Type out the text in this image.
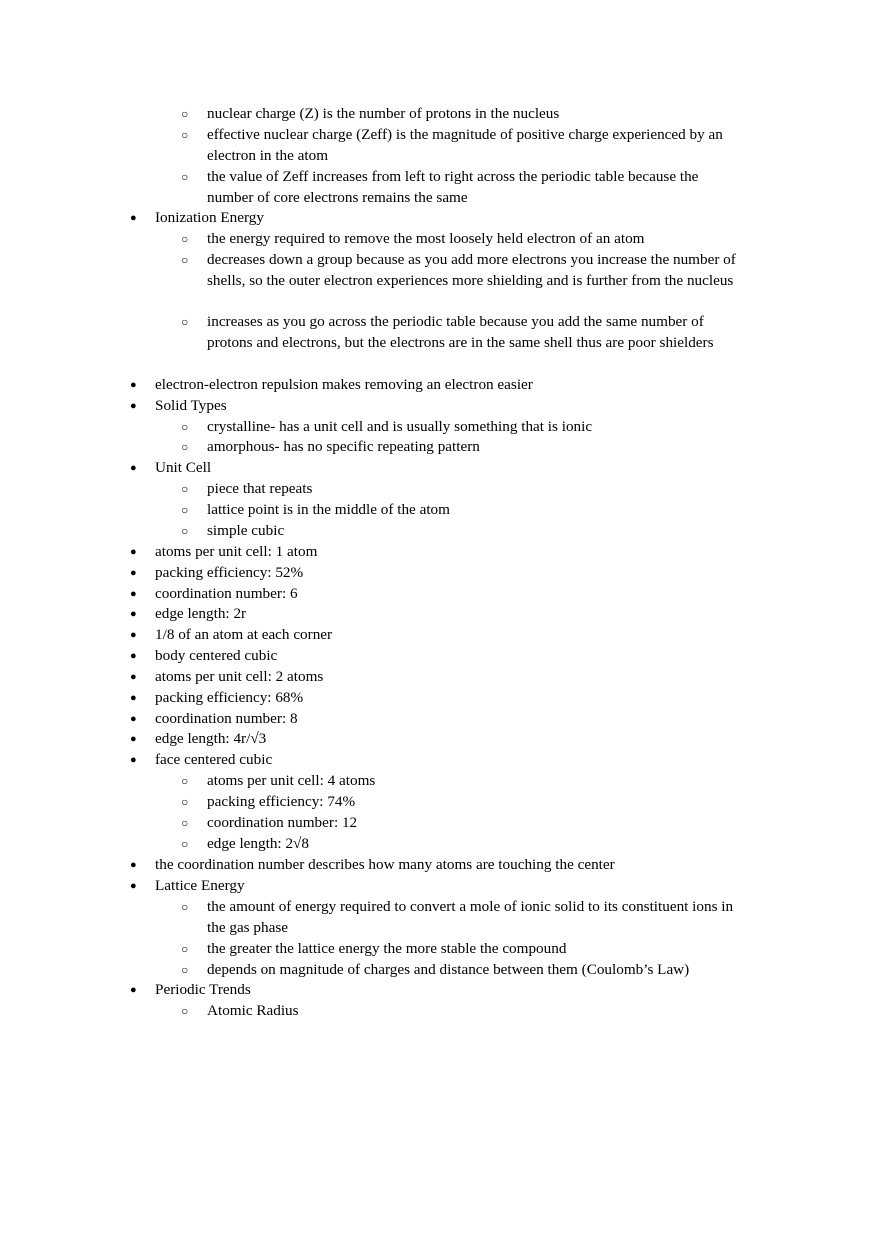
○ nuclear charge (Z) is the number of protons in the nucleus

○ effective nuclear charge (Zeff) is the magnitude of positive charge experienced by an electron in the atom

○ the value of Zeff increases from left to right across the periodic table because the number of core electrons remains the same

● Ionization Energy

○ the energy required to remove the most loosely held electron of an atom

○ decreases down a group because as you add more electrons you increase the number of shells, so the outer electron experiences more shielding and is further from the nucleus

○ increases as you go across the periodic table because you add the same number of protons and electrons, but the electrons are in the same shell thus are poor shielders

● electron-electron repulsion makes removing an electron easier

● Solid Types

○ crystalline- has a unit cell and is usually something that is ionic

○ amorphous- has no specific repeating pattern

● Unit Cell

○ piece that repeats

○ lattice point is in the middle of the atom

○ simple cubic

● atoms per unit cell: 1 atom

● packing efficiency: 52%

● coordination number: 6

● edge length: 2r

● 1/8 of an atom at each corner

● body centered cubic

● atoms per unit cell: 2 atoms

● packing efficiency: 68%

● coordination number: 8

● edge length: 4r/√3

● face centered cubic

○ atoms per unit cell: 4 atoms

○ packing efficiency: 74%

○ coordination number: 12

○ edge length: 2√8

● the coordination number describes how many atoms are touching the center

● Lattice Energy

○ the amount of energy required to convert a mole of ionic solid to its constituent ions in the gas phase

○ the greater the lattice energy the more stable the compound

○ depends on magnitude of charges and distance between them (Coulomb’s Law)

● Periodic Trends

○ Atomic Radius
